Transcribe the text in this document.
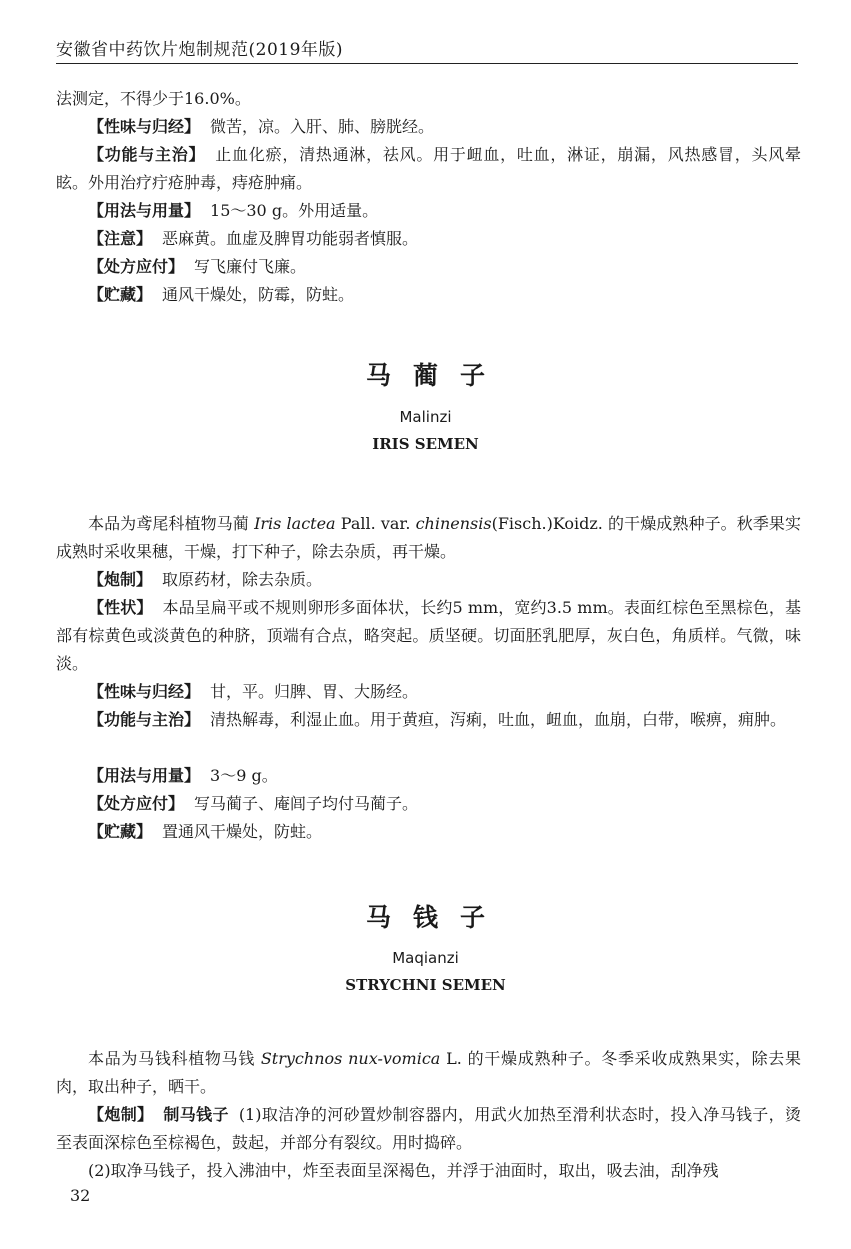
安徽省中药饮片炮制规范(2019年版)

法测定，不得少于16.0%。

【性味与归经】 微苦，凉。入肝、肺、膀胱经。

【功能与主治】 止血化瘀，清热通淋，祛风。用于衄血，吐血，淋证，崩漏，风热感冒，头风晕眩。外用治疗疔疮肿毒，痔疮肿痛。

【用法与用量】 15～30 g。外用适量。

【注意】 恶麻黄。血虚及脾胃功能弱者慎服。

【处方应付】 写飞廉付飞廉。

【贮藏】 通风干燥处，防霉，防蛀。

马蔺子
Malinzi
IRIS SEMEN

本品为鸢尾科植物马蔺 Iris lactea Pall. var. chinensis(Fisch.)Koidz. 的干燥成熟种子。秋季果实成熟时采收果穗，干燥，打下种子，除去杂质，再干燥。

【炮制】 取原药材，除去杂质。

【性状】 本品呈扁平或不规则卵形多面体状，长约5 mm，宽约3.5 mm。表面红棕色至黑棕色，基部有棕黄色或淡黄色的种脐，顶端有合点，略突起。质坚硬。切面胚乳肥厚，灰白色，角质样。气微，味淡。

【性味与归经】 甘，平。归脾、胃、大肠经。

【功能与主治】 清热解毒，利湿止血。用于黄疸，泻痢，吐血，衄血，血崩，白带，喉痹，痈肿。

【用法与用量】 3～9 g。

【处方应付】 写马蔺子、庵闾子均付马蔺子。

【贮藏】 置通风干燥处，防蛀。

马钱子
Maqianzi
STRYCHNI SEMEN

本品为马钱科植物马钱 Strychnos nux-vomica L. 的干燥成熟种子。冬季采收成熟果实，除去果肉，取出种子，晒干。

【炮制】 制马钱子 (1)取洁净的河砂置炒制容器内，用武火加热至滑利状态时，投入净马钱子，烫至表面深棕色至棕褐色，鼓起，并部分有裂纹。用时捣碎。

(2)取净马钱子，投入沸油中，炸至表面呈深褐色，并浮于油面时，取出，吸去油，刮净残

32
